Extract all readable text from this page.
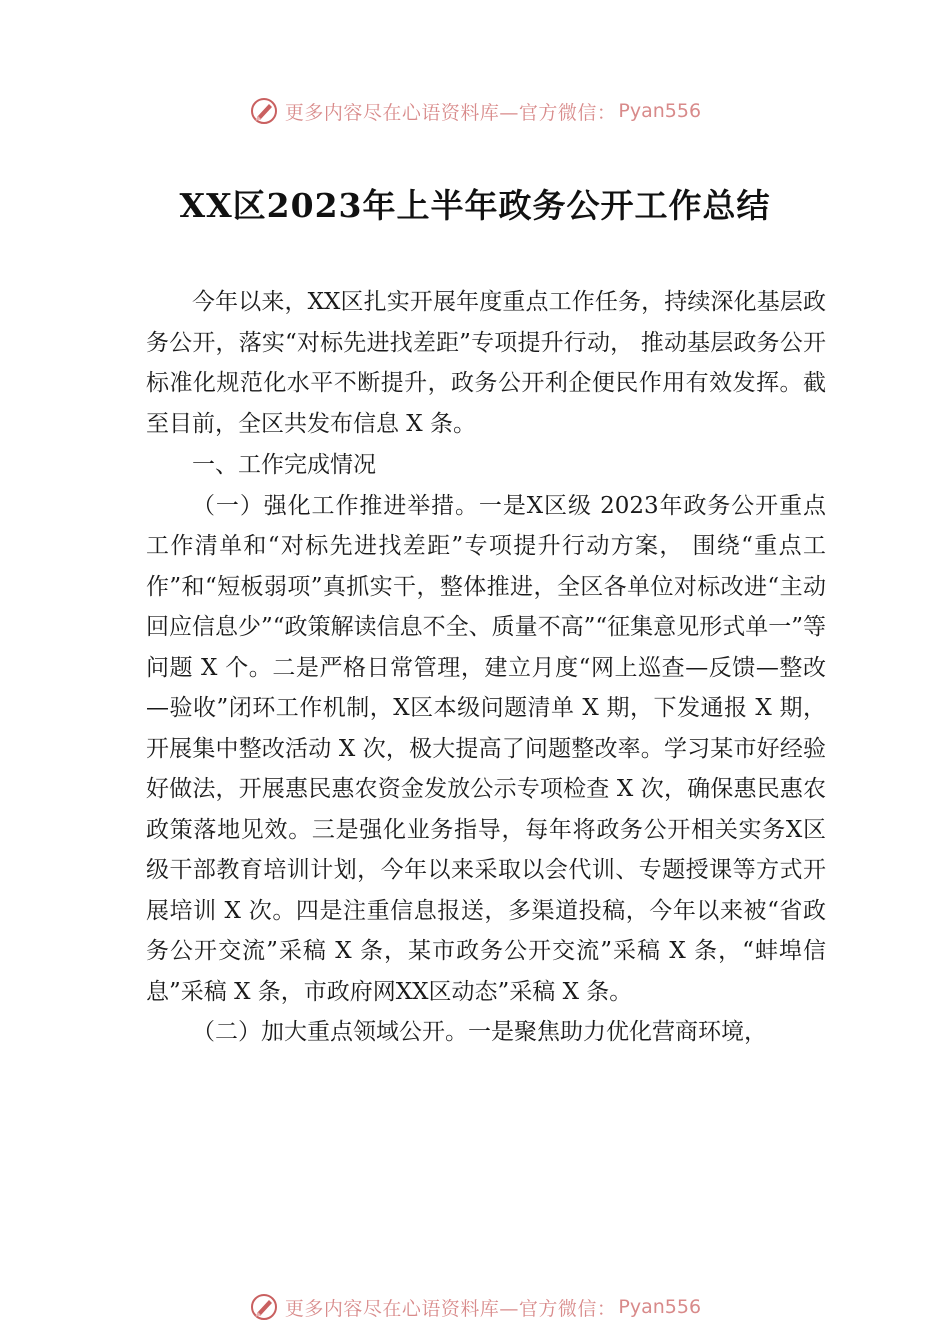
更多内容尽在心语资料库—官方微信： Pyan556
XX区2023年上半年政务公开工作总结

今年以来，XX区扎实开展年度重点工作任务，持续深化基层政务公开，落实“对标先进找差距”专项提升行动， 推动基层政务公开标准化规范化水平不断提升，政务公开利企便民作用有效发挥。截至目前，全区共发布信息 X 条。

一、工作完成情况

（一）强化工作推进举措。一是X区级 2023年政务公开重点工作清单和“对标先进找差距”专项提升行动方案， 围绕“重点工作”和“短板弱项”真抓实干，整体推进，全区各单位对标改进“主动回应信息少”“政策解读信息不全、质量不高”“征集意见形式单一”等问题 X 个。二是严格日常管理，建立月度“网上巡查—反馈—整改—验收”闭环工作机制，X区本级问题清单 X 期，下发通报 X 期，开展集中整改活动 X 次，极大提高了问题整改率。学习某市好经验好做法，开展惠民惠农资金发放公示专项检查 X 次，确保惠民惠农政策落地见效。三是强化业务指导，每年将政务公开相关实务X区级干部教育培训计划，今年以来采取以会代训、专题授课等方式开展培训 X 次。四是注重信息报送，多渠道投稿，今年以来被“省政务公开交流”采稿 X 条，某市政务公开交流”采稿 X 条，“蚌埠信息”采稿 X 条，市政府网XX区动态”采稿 X 条。

（二）加大重点领域公开。一是聚焦助力优化营商环境，

更多内容尽在心语资料库—官方微信： Pyan556
